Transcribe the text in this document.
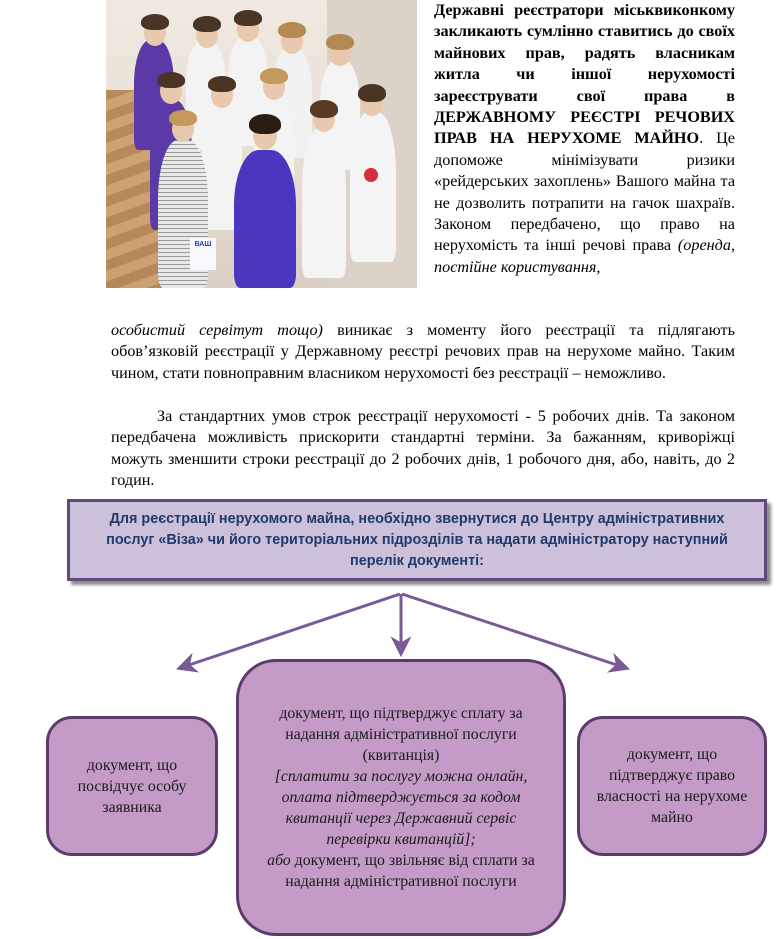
ВАШ
Державні реєстратори міськвиконкому закликають сумлінно ставитись до своїх майнових прав, радять власникам житла чи іншої нерухомості зареєструвати свої права в ДЕРЖАВНОМУ РЕЄСТРІ РЕЧОВИХ ПРАВ НА НЕРУХОМЕ МАЙНО. Це допоможе мінімізувати ризики «рейдерських захоплень» Вашого майна та не дозволить потрапити на гачок шахраїв. Законом передбачено, що право на нерухомість та інші речові права (оренда, постійне користування,
особистий сервітут тощо) виникає з моменту його реєстрації та підлягають обов’язковій реєстрації у Державному реєстрі речових прав на нерухоме майно. Таким чином, стати повноправним власником нерухомості без реєстрації – неможливо.
За стандартних умов строк реєстрації нерухомості - 5 робочих днів. Та законом передбачена можливість прискорити стандартні терміни. За бажанням, криворіжці можуть зменшити строки реєстрації до 2 робочих днів, 1 робочого дня, або, навіть, до 2 годин.
Для реєстрації нерухомого майна, необхідно звернутися до Центру адміністративних послуг «Віза» чи його територіальних підрозділів та надати адміністратору наступний перелік документі:
документ, що посвідчує особу заявника
документ, що підтверджує сплату за надання адміністративної послуги (квитанція)
[сплатити за послугу можна онлайн, оплата підтверджується за кодом квитанції через Державний сервіс перевірки квитанцій];
або документ, що звільняє від сплати за надання адміністративної послуги
документ, що підтверджує право власності на нерухоме майно
